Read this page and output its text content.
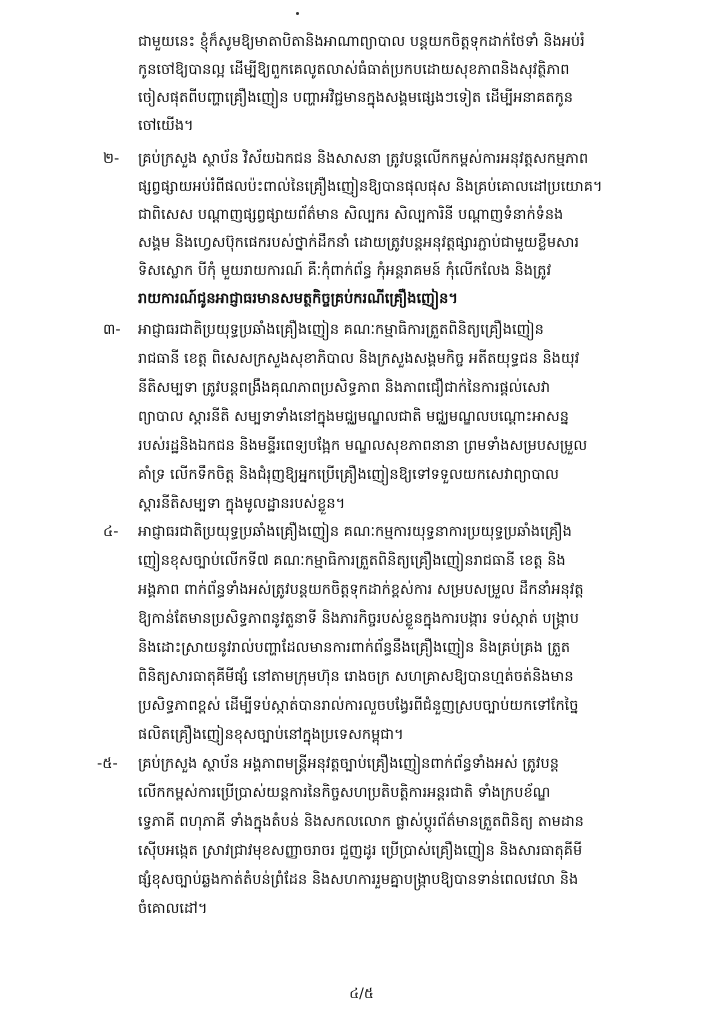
ជាមួយនេះ ខ្ញុំក៏សូមឱ្យមាតាបិតានិងអាណាព្យាបាល បន្តយកចិត្តទុកដាក់ថែទាំ និងអប់រំ
កូនចៅឱ្យបានល្អ ដើម្បីឱ្យពួកគេលូតលាស់ធំធាត់ប្រកបដោយសុខភាពនិងសុវត្ថិភាព
ចៀសផុតពីបញ្ហាគ្រឿងញៀន បញ្ហាអវិជ្ជមានក្នុងសង្គមផ្សេងៗទៀត ដើម្បីអនាគតកូន
ចៅយើង។
២- គ្រប់ក្រសួង ស្ថាប័ន វិស័យឯកជន និងសាសនា ត្រូវបន្តលើកកម្ពស់ការអនុវត្តសកម្មភាព
ផ្សព្វផ្សាយអប់រំពីផលប៉ះពាល់នៃគ្រឿងញៀនឱ្យបានផុលផុស និងគ្រប់គោលដៅប្រយោគ។
ជាពិសេស បណ្តាញផ្សព្វផ្សាយព័ត៌មាន សិល្បករ សិល្បការិនី បណ្តាញទំនាក់ទំនង
សង្គម និងហ្វេសប៊ុកផេករបស់ថ្នាក់ដឹកនាំ ដោយត្រូវបន្តអនុវត្តផ្សារភ្ជាប់ជាមួយខ្លឹមសារ
ទិសស្លោក បីកុំ មួយរាយការណ៍ គឺៈកុំពាក់ព័ន្ធ កុំអន្តរាគមន៍ កុំលើកលែង និងត្រូវ
រាយការណ៍ជូនអាជ្ញាធរមានសមត្ថកិច្ចគ្រប់ករណីគ្រឿងញៀន។
៣- អាជ្ញាធរជាតិប្រយុទ្ធប្រឆាំងគ្រឿងញៀន គណៈកម្មាធិការត្រួតពិនិត្យគ្រឿងញៀន
រាជធានី ខេត្ត ពិសេសក្រសួងសុខាភិបាល និងក្រសួងសង្គមកិច្ច អតីតយុទ្ធជន និងយុវ
នីតិសម្បទា ត្រូវបន្តពង្រឹងគុណភាពប្រសិទ្ធភាព និងភាពជឿជាក់នៃការផ្តល់សេវា
ព្យាបាល ស្តារនីតិ សម្បទាទាំងនៅក្នុងមជ្ឈមណ្ឌលជាតិ មជ្ឈមណ្ឌលបណ្តោះអាសន្ន
របស់រដ្ឋនិងឯកជន និងមន្ទីរពេទ្យបង្អែក មណ្ឌលសុខភាពនានា ព្រមទាំងសម្របសម្រួល
គាំទ្រ លើកទឹកចិត្ត និងជំរុញឱ្យអ្នកប្រើគ្រឿងញៀនឱ្យទៅទទួលយកសេវាព្យាបាល
ស្តារនីតិសម្បទា ក្នុងមូលដ្ឋានរបស់ខ្លួន។
៤- អាជ្ញាធរជាតិប្រយុទ្ធប្រឆាំងគ្រឿងញៀន គណៈកម្មការយុទ្ធនាការប្រយុទ្ធប្រឆាំងគ្រឿង
ញៀនខុសច្បាប់លើកទី៧ គណៈកម្មាធិការត្រួតពិនិត្យគ្រឿងញៀនរាជធានី ខេត្ត និង
អង្គភាព ពាក់ព័ន្ធទាំងអស់ត្រូវបន្តយកចិត្តទុកដាក់ខ្ពស់ការ សម្របសម្រួល ដឹកនាំអនុវត្ត
ឱ្យកាន់តែមានប្រសិទ្ធភាពនូវតួនាទី និងភារកិច្ចរបស់ខ្លួនក្នុងការបង្ការ ទប់ស្កាត់ បង្ក្រាប
និងដោះស្រាយនូវរាល់បញ្ហាដែលមានការពាក់ព័ន្ធនឹងគ្រឿងញៀន និងគ្រប់គ្រង ត្រួត
ពិនិត្យសារធាតុគីមីផ្សំ នៅតាមក្រុមហ៊ុន រោងចក្រ សហគ្រាសឱ្យបានហ្មត់ចត់និងមាន
ប្រសិទ្ធភាពខ្ពស់ ដើម្បីទប់ស្កាត់បានរាល់ការលួចបង្វែរពីជំនួញស្របច្បាប់យកទៅកែច្នៃ
ផលិតគ្រឿងញៀនខុសច្បាប់នៅក្នុងប្រទេសកម្ពុជា។
-៥- គ្រប់ក្រសួង ស្ថាប័ន អង្គភាពមន្ត្រីអនុវត្តច្បាប់គ្រឿងញៀនពាក់ព័ន្ធទាំងអស់ ត្រូវបន្ត
លើកកម្ពស់ការប្រើប្រាស់យន្តការនៃកិច្ចសហប្រតិបត្តិការអន្តរជាតិ ទាំងក្របខ័ណ្ឌ
ទ្វេភាគី ពហុភាគី ទាំងក្នុងតំបន់ និងសកលលោក ផ្លាស់ប្តូរព័ត៌មានត្រួតពិនិត្យ តាមដាន
ស៊ើបអង្កេត ស្រាវជ្រាវមុខសញ្ញាចរាចរ ជួញដូរ ប្រើប្រាស់គ្រឿងញៀន និងសារធាតុគីមី
ផ្សំខុសច្បាប់ឆ្លងកាត់តំបន់ព្រំដែន និងសហការរួមគ្នាបង្ក្រាបឱ្យបានទាន់ពេលវេលា និង
ចំគោលដៅ។
៤/៥
